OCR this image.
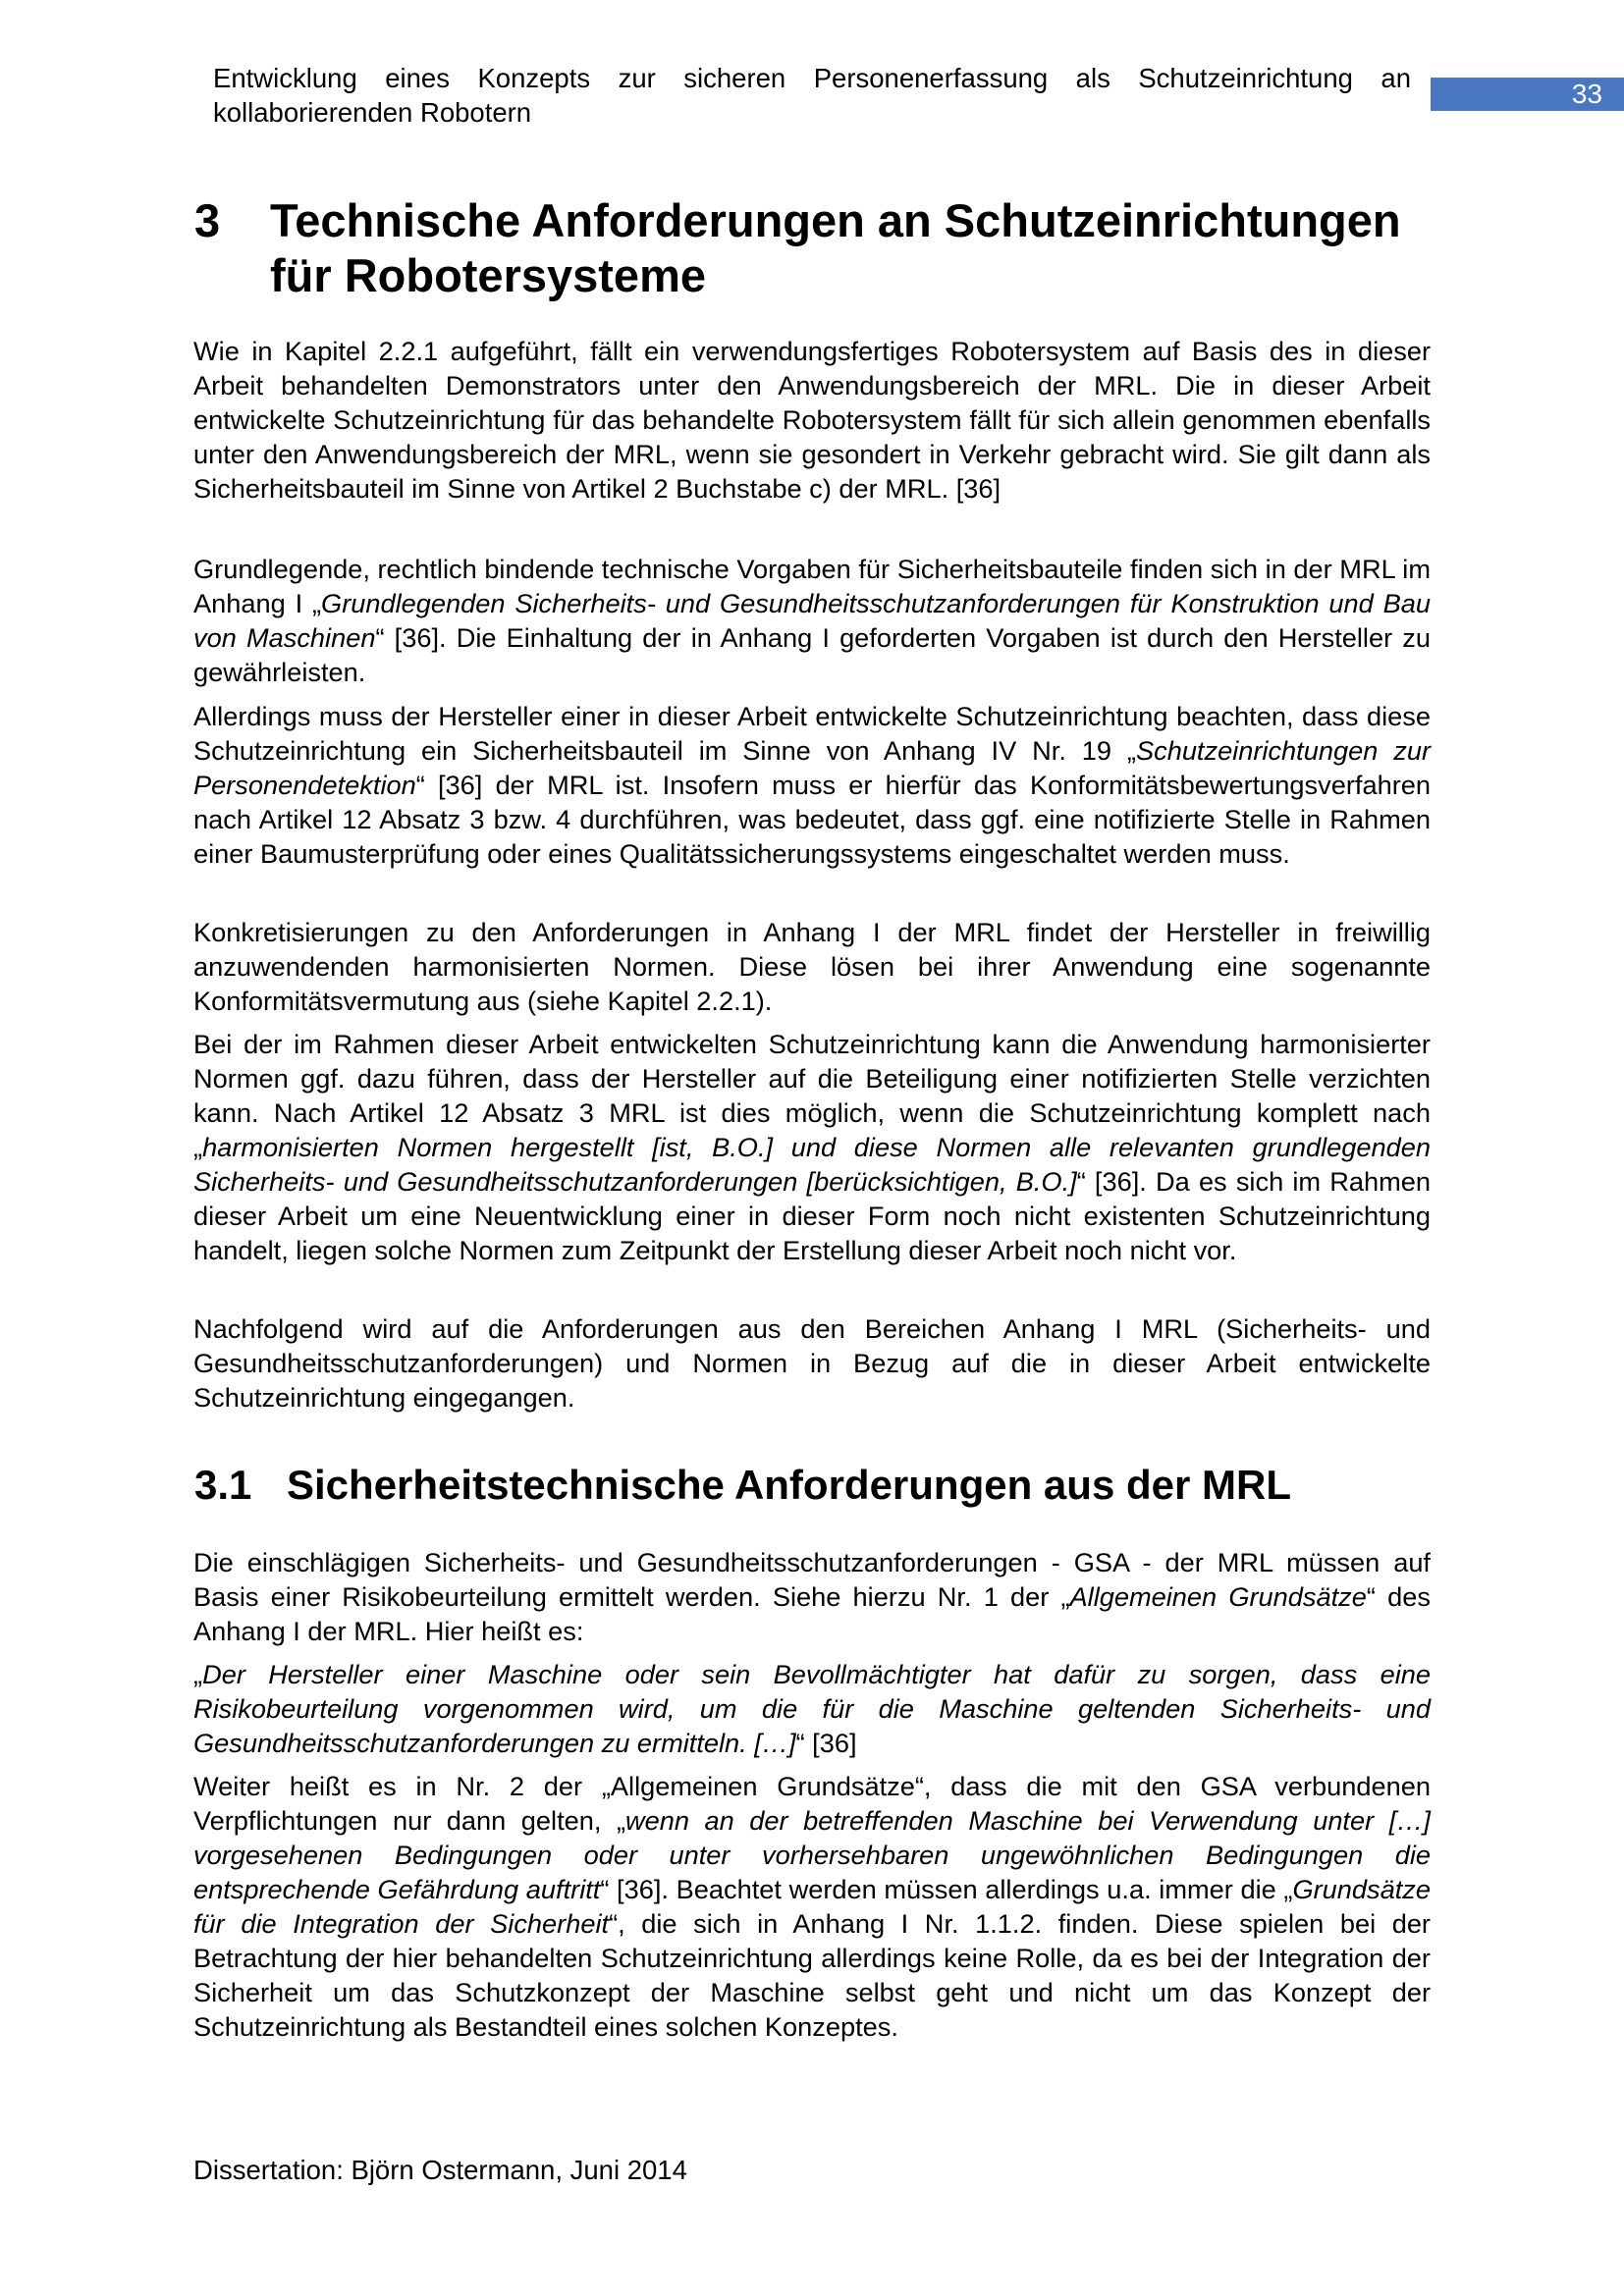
Entwicklung eines Konzepts zur sicheren Personenerfassung als Schutzeinrichtung an kollaborierenden Robotern
33
3 Technische Anforderungen an Schutzeinrichtungen für Robotersysteme
Wie in Kapitel 2.2.1 aufgeführt, fällt ein verwendungsfertiges Robotersystem auf Basis des in dieser Arbeit behandelten Demonstrators unter den Anwendungsbereich der MRL. Die in dieser Arbeit entwickelte Schutzeinrichtung für das behandelte Robotersystem fällt für sich allein genommen ebenfalls unter den Anwendungsbereich der MRL, wenn sie gesondert in Verkehr gebracht wird. Sie gilt dann als Sicherheitsbauteil im Sinne von Artikel 2 Buchstabe c) der MRL. [36]
Grundlegende, rechtlich bindende technische Vorgaben für Sicherheitsbauteile finden sich in der MRL im Anhang I „Grundlegenden Sicherheits- und Gesundheitsschutzanforderungen für Konstruktion und Bau von Maschinen“ [36]. Die Einhaltung der in Anhang I geforderten Vorgaben ist durch den Hersteller zu gewährleisten.
Allerdings muss der Hersteller einer in dieser Arbeit entwickelte Schutzeinrichtung beachten, dass diese Schutzeinrichtung ein Sicherheitsbauteil im Sinne von Anhang IV Nr. 19 „Schutzeinrichtungen zur Personendetektion“ [36] der MRL ist. Insofern muss er hierfür das Konformitätsbewertungsverfahren nach Artikel 12 Absatz 3 bzw. 4 durchführen, was bedeutet, dass ggf. eine notifizierte Stelle in Rahmen einer Baumusterprüfung oder eines Qualitätssicherungssystems eingeschaltet werden muss.
Konkretisierungen zu den Anforderungen in Anhang I der MRL findet der Hersteller in freiwillig anzuwendenden harmonisierten Normen. Diese lösen bei ihrer Anwendung eine sogenannte Konformitätsvermutung aus (siehe Kapitel 2.2.1).
Bei der im Rahmen dieser Arbeit entwickelten Schutzeinrichtung kann die Anwendung harmonisierter Normen ggf. dazu führen, dass der Hersteller auf die Beteiligung einer notifizierten Stelle verzichten kann. Nach Artikel 12 Absatz 3 MRL ist dies möglich, wenn die Schutzeinrichtung komplett nach „harmonisierten Normen hergestellt [ist, B.O.] und diese Normen alle relevanten grundlegenden Sicherheits- und Gesundheitsschutzanforderungen [berücksichtigen, B.O.]“ [36]. Da es sich im Rahmen dieser Arbeit um eine Neuentwicklung einer in dieser Form noch nicht existenten Schutzeinrichtung handelt, liegen solche Normen zum Zeitpunkt der Erstellung dieser Arbeit noch nicht vor.
Nachfolgend wird auf die Anforderungen aus den Bereichen Anhang I MRL (Sicherheits- und Gesundheitsschutzanforderungen) und Normen in Bezug auf die in dieser Arbeit entwickelte Schutzeinrichtung eingegangen.
3.1 Sicherheitstechnische Anforderungen aus der MRL
Die einschlägigen Sicherheits- und Gesundheitsschutzanforderungen - GSA - der MRL müssen auf Basis einer Risikobeurteilung ermittelt werden. Siehe hierzu Nr. 1 der „Allgemeinen Grundsätze“ des Anhang I der MRL. Hier heißt es:
„Der Hersteller einer Maschine oder sein Bevollmächtigter hat dafür zu sorgen, dass eine Risikobeurteilung vorgenommen wird, um die für die Maschine geltenden Sicherheits- und Gesundheitsschutzanforderungen zu ermitteln. […]“ [36]
Weiter heißt es in Nr. 2 der „Allgemeinen Grundsätze“, dass die mit den GSA verbundenen Verpflichtungen nur dann gelten, „wenn an der betreffenden Maschine bei Verwendung unter […] vorgesehenen Bedingungen oder unter vorhersehbaren ungewöhnlichen Bedingungen die entsprechende Gefährdung auftritt“ [36]. Beachtet werden müssen allerdings u.a. immer die „Grundsätze für die Integration der Sicherheit“, die sich in Anhang I Nr. 1.1.2. finden. Diese spielen bei der Betrachtung der hier behandelten Schutzeinrichtung allerdings keine Rolle, da es bei der Integration der Sicherheit um das Schutzkonzept der Maschine selbst geht und nicht um das Konzept der Schutzeinrichtung als Bestandteil eines solchen Konzeptes.
Dissertation: Björn Ostermann, Juni 2014
